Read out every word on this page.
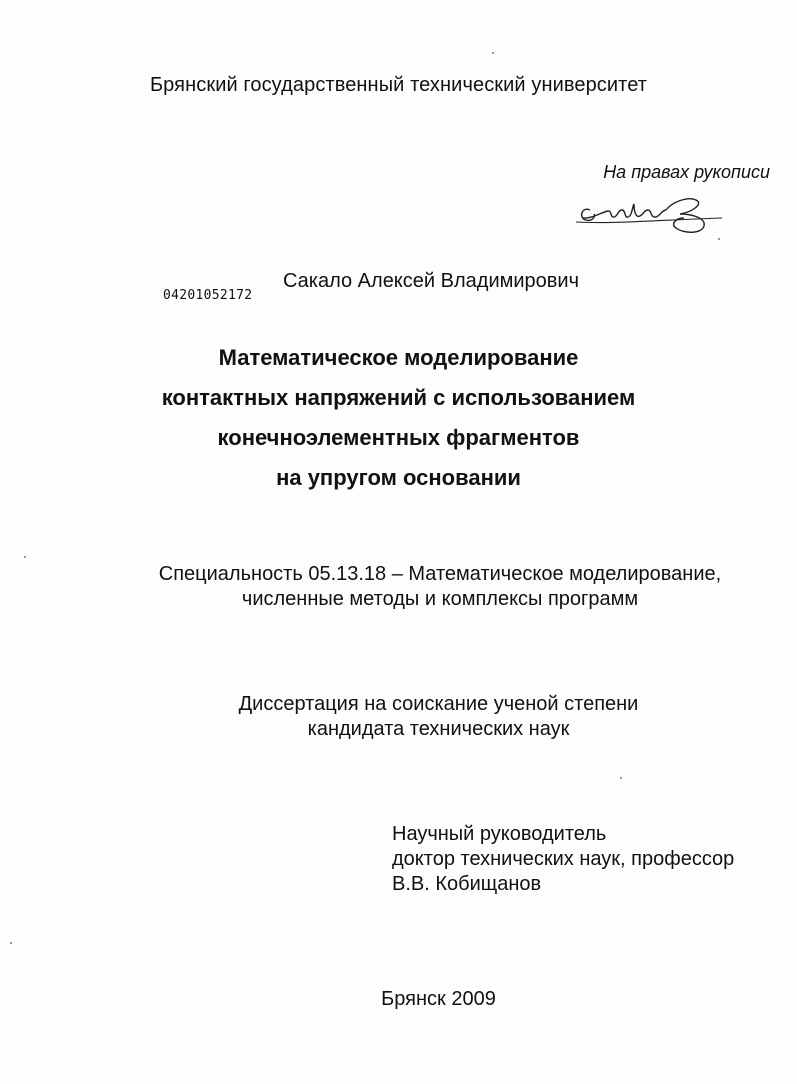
Брянский государственный технический университет
На правах рукописи
04201052172
Сакало Алексей Владимирович
Математическое моделирование
контактных напряжений с использованием
конечноэлементных фрагментов
на упругом основании
Специальность 05.13.18 – Математическое моделирование,
численные методы и комплексы программ
Диссертация на соискание ученой степени
кандидата технических наук
Научный руководитель
доктор технических наук, профессор
В.В. Кобищанов
Брянск 2009
